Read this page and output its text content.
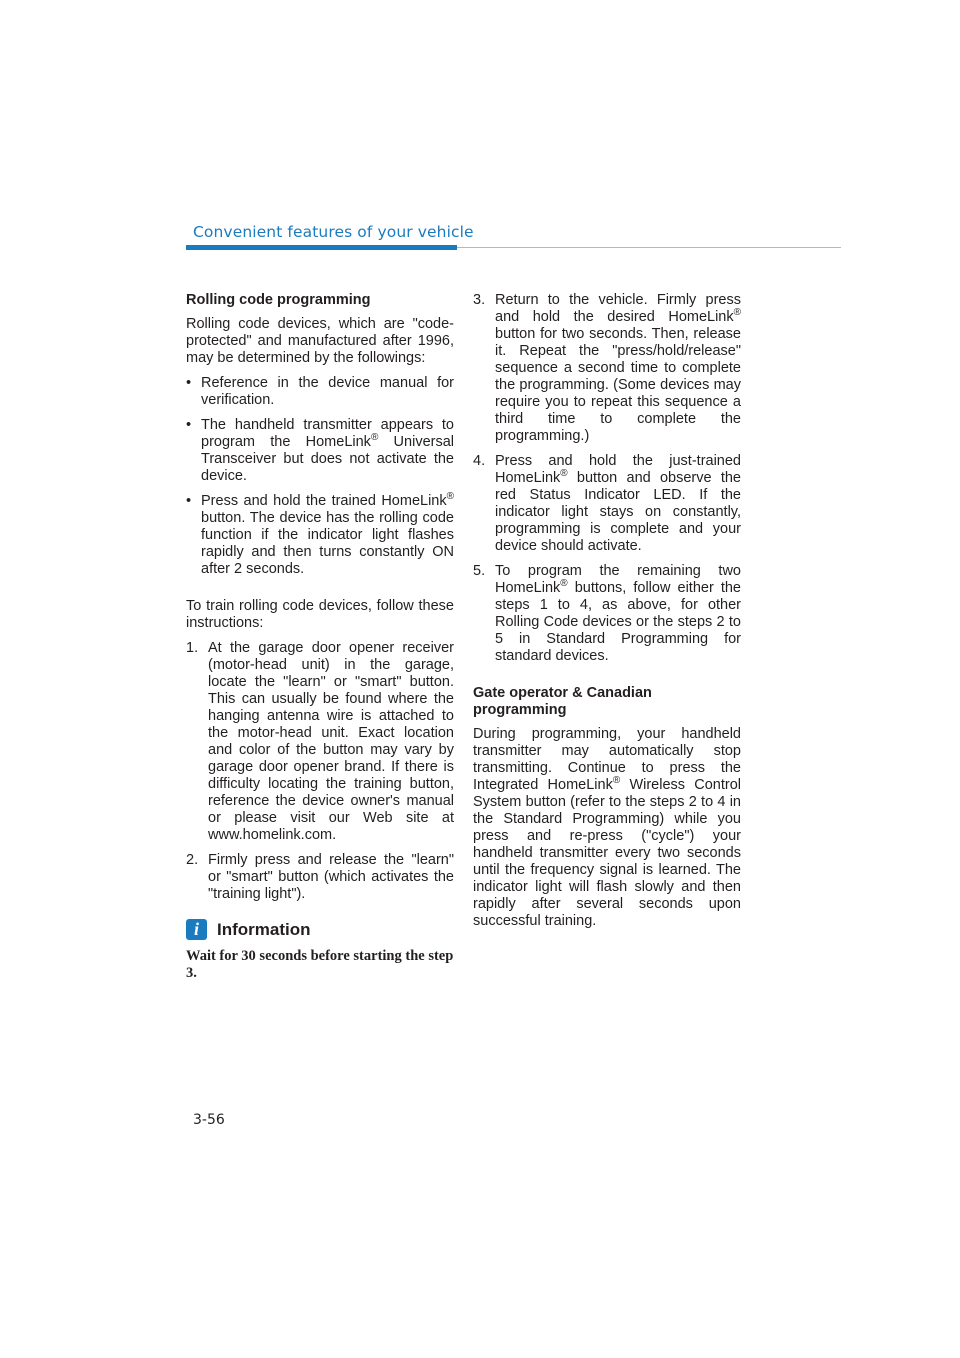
Convenient features of your vehicle
Rolling code programming
Rolling code devices, which are "code-protected" and manufactured after 1996, may be determined by the followings:
• Reference in the device manual for verification.
• The handheld transmitter appears to program the HomeLink® Universal Transceiver but does not activate the device.
• Press and hold the trained HomeLink® button. The device has the rolling code function if the indicator light flashes rapidly and then turns constantly ON after 2 seconds.
To train rolling code devices, follow these instructions:
1. At the garage door opener receiver (motor-head unit) in the garage, locate the "learn" or "smart" button. This can usually be found where the hanging antenna wire is attached to the motor-head unit. Exact location and color of the button may vary by garage door opener brand. If there is difficulty locating the training button, reference the device owner's manual or please visit our Web site at www.homelink.com.
2. Firmly press and release the "learn" or "smart" button (which activates the "training light").
i	Information
Wait for 30 seconds before starting the step 3.
3. Return to the vehicle. Firmly press and hold the desired HomeLink® button for two seconds. Then, release it. Repeat the "press/hold/release" sequence a second time to complete the programming. (Some devices may require you to repeat this sequence a third time to complete the programming.)
4. Press and hold the just-trained HomeLink® button and observe the red Status Indicator LED. If the indicator light stays on constantly, programming is complete and your device should activate.
5. To program the remaining two HomeLink® buttons, follow either the steps 1 to 4, as above, for other Rolling Code devices or the steps 2 to 5 in Standard Programming for standard devices.
Gate operator & Canadian programming
During programming, your handheld transmitter may automatically stop transmitting. Continue to press the Integrated HomeLink® Wireless Control System button (refer to the steps 2 to 4 in the Standard Programming) while you press and re-press ("cycle") your handheld transmitter every two seconds until the frequency signal is learned. The indicator light will flash slowly and then rapidly after several seconds upon successful training.
3-56
